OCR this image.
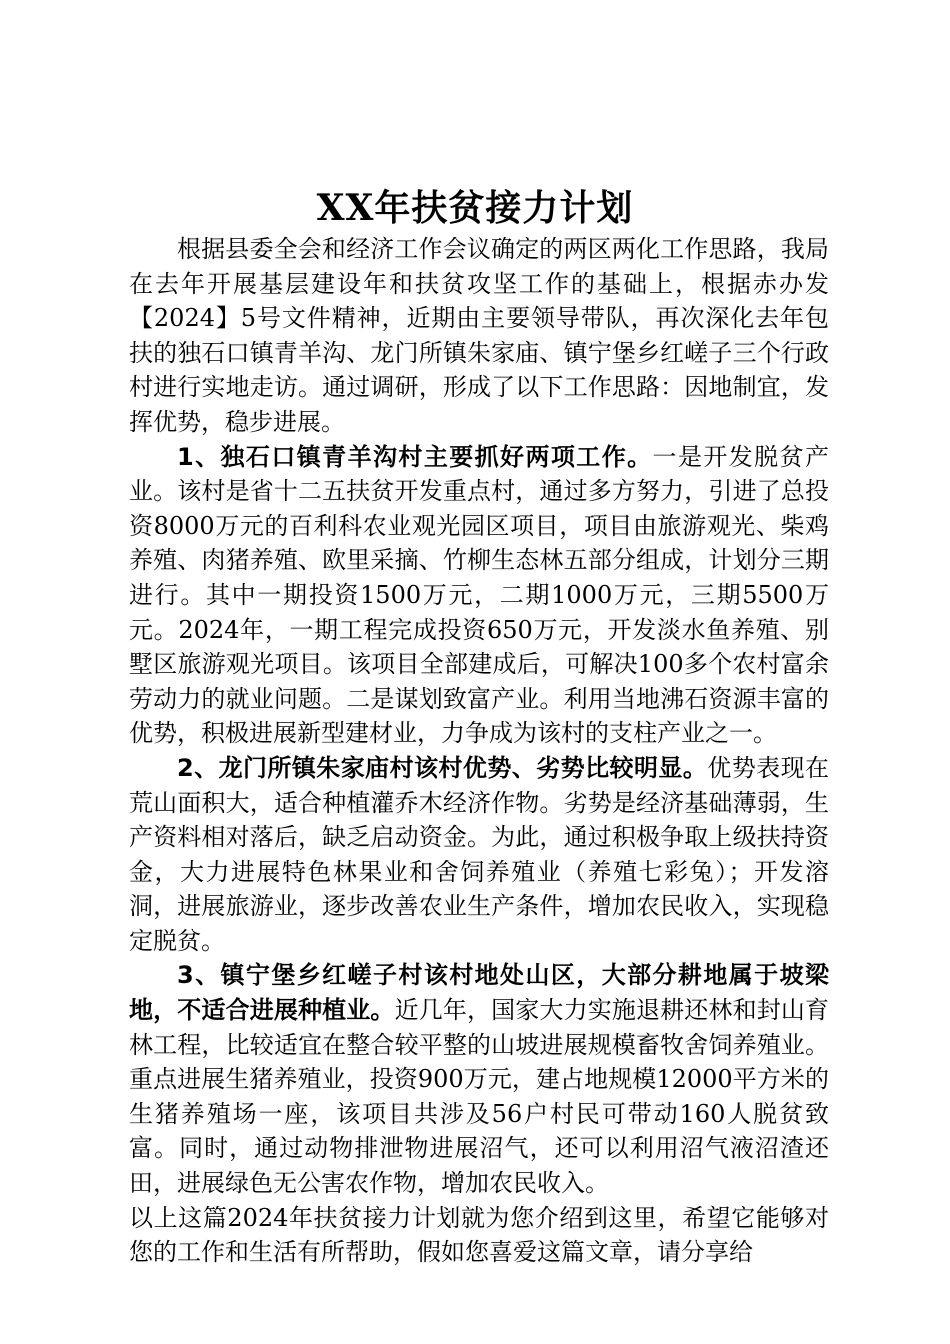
XX年扶贫接力计划

根据县委全会和经济工作会议确定的两区两化工作思路，我局在去年开展基层建设年和扶贫攻坚工作的基础上，根据赤办发【2024】5号文件精神，近期由主要领导带队，再次深化去年包扶的独石口镇青羊沟、龙门所镇朱家庙、镇宁堡乡红嵯子三个行政村进行实地走访。通过调研，形成了以下工作思路：因地制宜，发挥优势，稳步进展。

1、独石口镇青羊沟村主要抓好两项工作。一是开发脱贫产业。该村是省十二五扶贫开发重点村，通过多方努力，引进了总投资8000万元的百利科农业观光园区项目，项目由旅游观光、柴鸡养殖、肉猪养殖、欧里采摘、竹柳生态林五部分组成，计划分三期进行。其中一期投资1500万元，二期1000万元，三期5500万元。2024年，一期工程完成投资650万元，开发淡水鱼养殖、别墅区旅游观光项目。该项目全部建成后，可解决100多个农村富余劳动力的就业问题。二是谋划致富产业。利用当地沸石资源丰富的优势，积极进展新型建材业，力争成为该村的支柱产业之一。

2、龙门所镇朱家庙村该村优势、劣势比较明显。优势表现在荒山面积大，适合种植灌乔木经济作物。劣势是经济基础薄弱，生产资料相对落后，缺乏启动资金。为此，通过积极争取上级扶持资金，大力进展特色林果业和舍饲养殖业（养殖七彩兔）；开发溶洞，进展旅游业，逐步改善农业生产条件，增加农民收入，实现稳定脱贫。

3、镇宁堡乡红嵯子村该村地处山区，大部分耕地属于坡梁地，不适合进展种植业。近几年，国家大力实施退耕还林和封山育林工程，比较适宜在整合较平整的山坡进展规模畜牧舍饲养殖业。重点进展生猪养殖业，投资900万元，建占地规模12000平方米的生猪养殖场一座，该项目共涉及56户村民可带动160人脱贫致富。同时，通过动物排泄物进展沼气，还可以利用沼气液沼渣还田，进展绿色无公害农作物，增加农民收入。

以上这篇2024年扶贫接力计划就为您介绍到这里，希望它能够对您的工作和生活有所帮助，假如您喜爱这篇文章，请分享给
